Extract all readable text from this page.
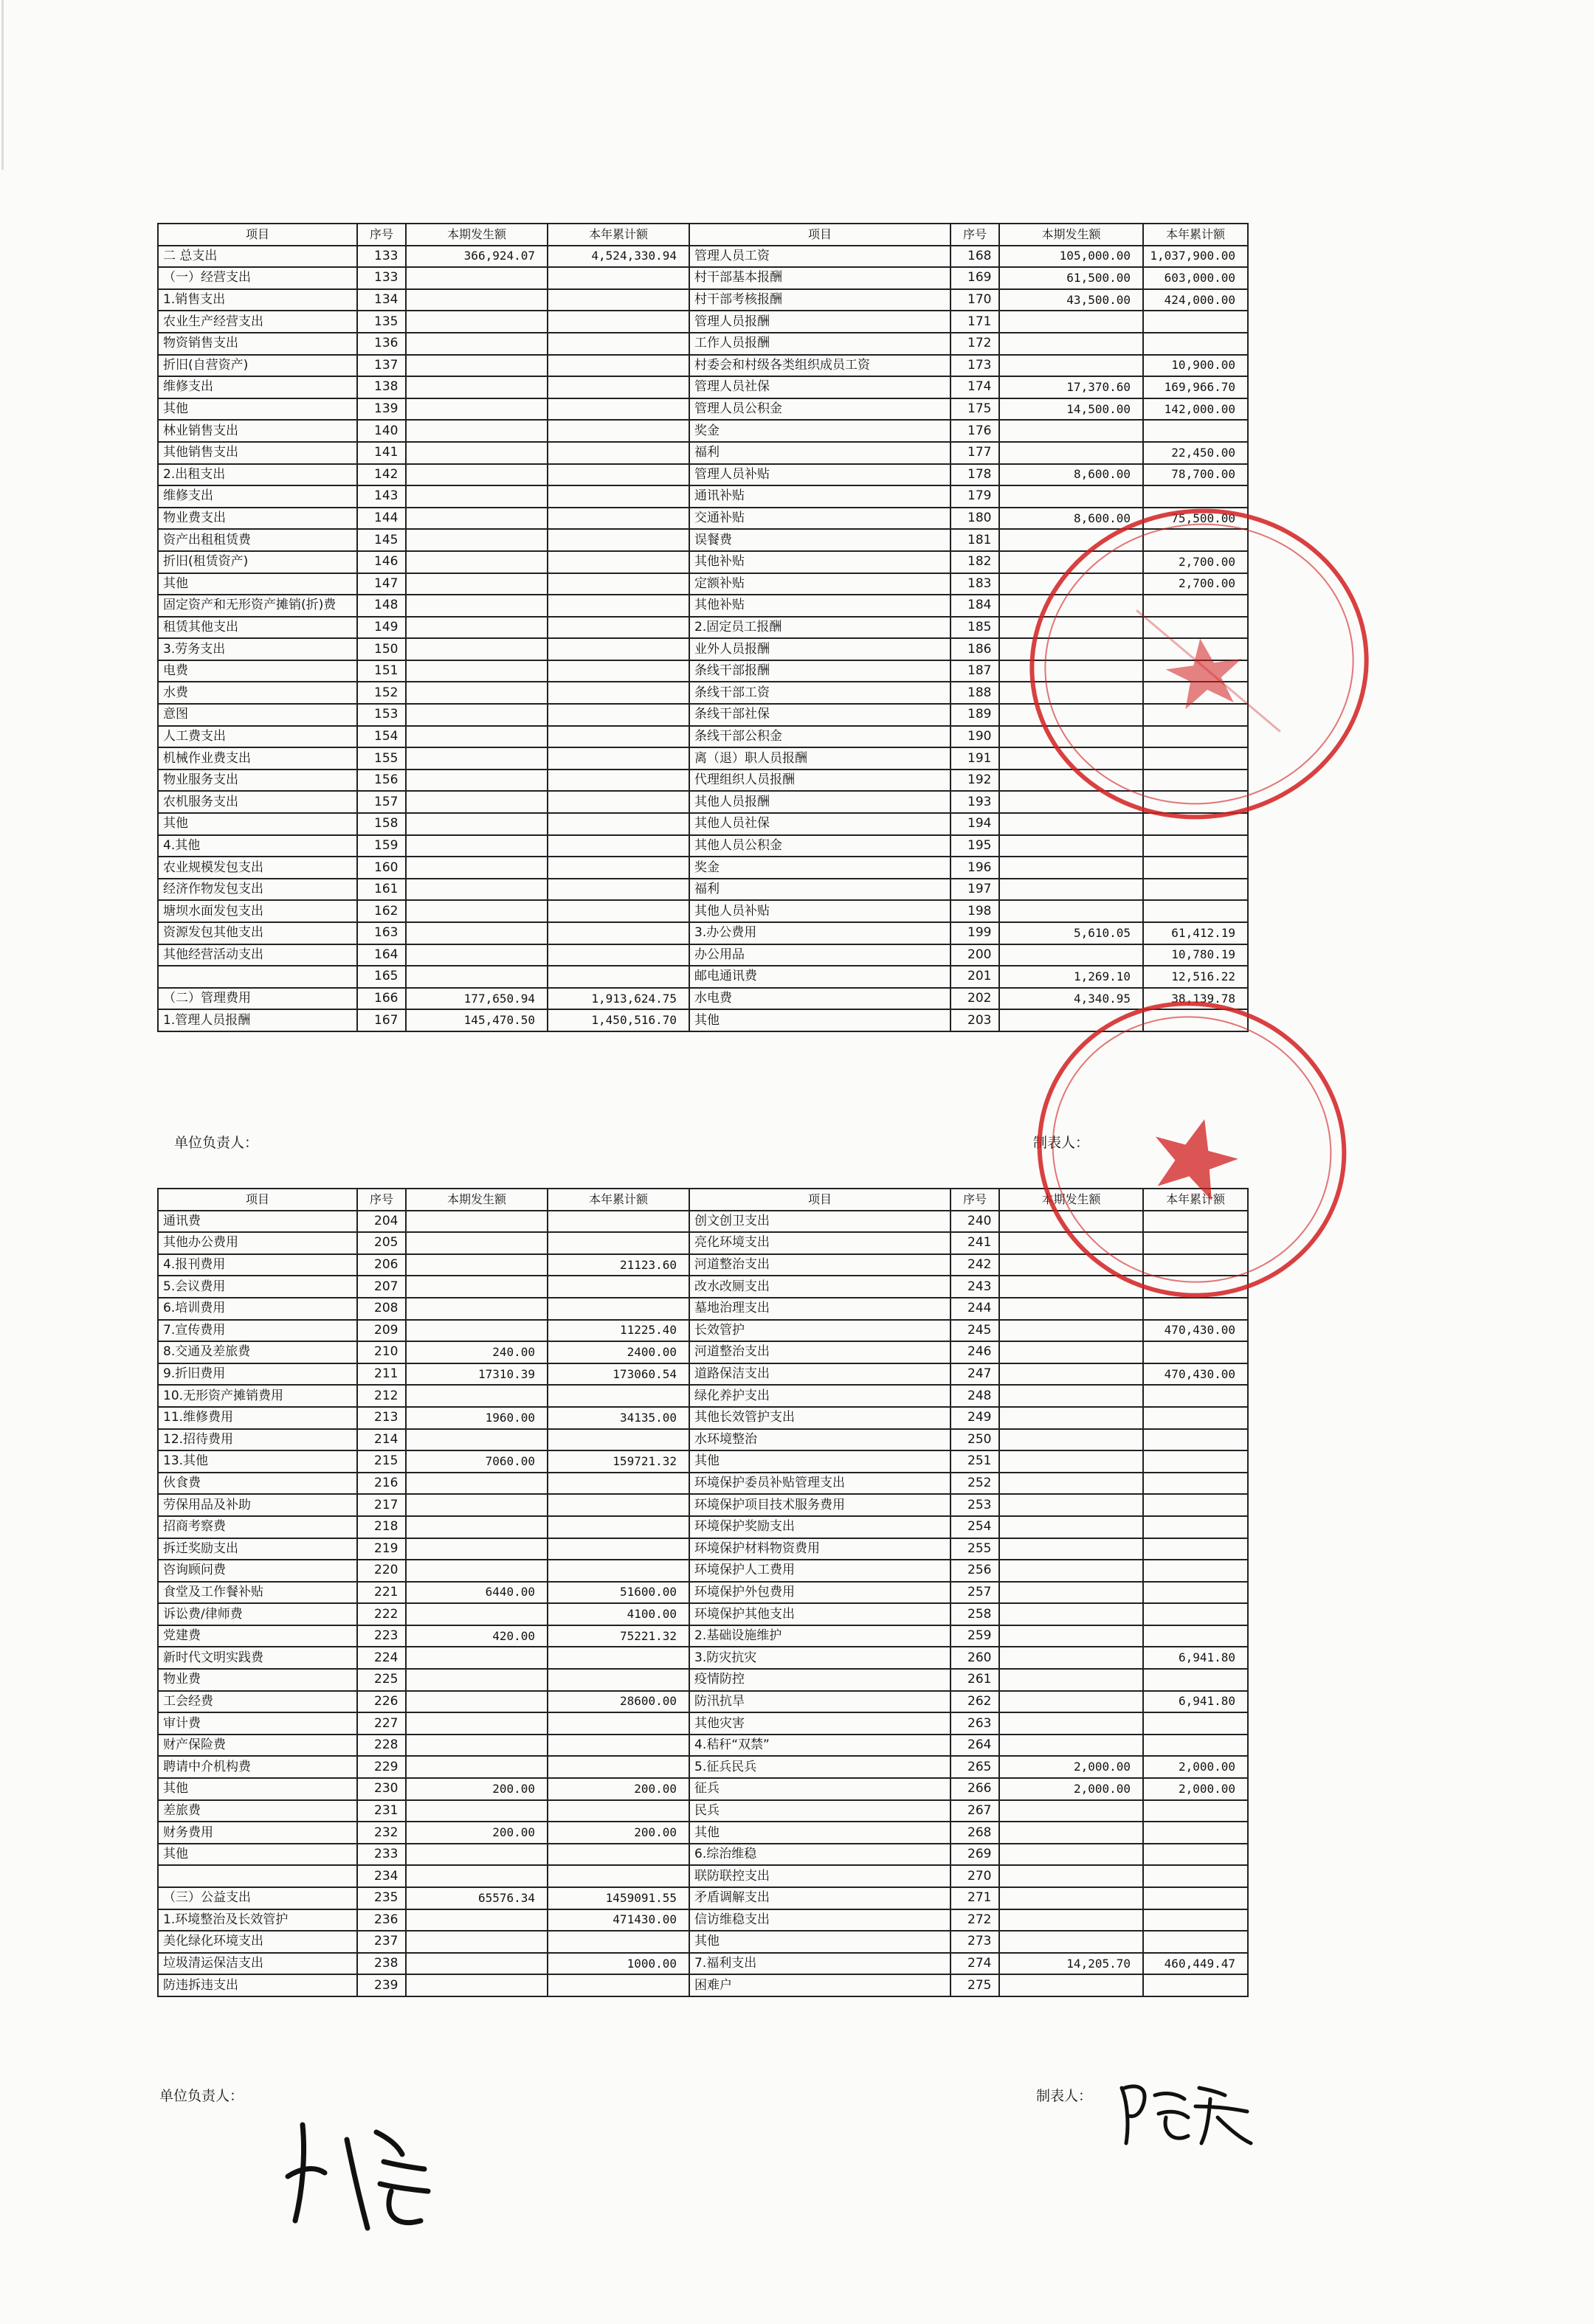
项目	序号	本期发生额	本年累计额	项目	序号	本期发生额	本年累计额
二 总支出	133	366,924.07	4,524,330.94	管理人员工资	168	105,000.00	1,037,900.00
（一）经营支出	133			村干部基本报酬	169	61,500.00	603,000.00
1.销售支出	134			村干部考核报酬	170	43,500.00	424,000.00
农业生产经营支出	135			管理人员报酬	171		
物资销售支出	136			工作人员报酬	172		
折旧(自营资产)	137			村委会和村级各类组织成员工资	173		10,900.00
维修支出	138			管理人员社保	174	17,370.60	169,966.70
其他	139			管理人员公积金	175	14,500.00	142,000.00
林业销售支出	140			奖金	176		
其他销售支出	141			福利	177		22,450.00
2.出租支出	142			管理人员补贴	178	8,600.00	78,700.00
维修支出	143			通讯补贴	179		
物业费支出	144			交通补贴	180	8,600.00	75,500.00
资产出租租赁费	145			误餐费	181		
折旧(租赁资产)	146			其他补贴	182		2,700.00
其他	147			定额补贴	183		2,700.00
固定资产和无形资产摊销(折)费	148			其他补贴	184		
租赁其他支出	149			2.固定员工报酬	185		
3.劳务支出	150			业外人员报酬	186		
电费	151			条线干部报酬	187		
水费	152			条线干部工资	188		
意图	153			条线干部社保	189		
人工费支出	154			条线干部公积金	190		
机械作业费支出	155			离（退）职人员报酬	191		
物业服务支出	156			代理组织人员报酬	192		
农机服务支出	157			其他人员报酬	193		
其他	158			其他人员社保	194		
4.其他	159			其他人员公积金	195		
农业规模发包支出	160			奖金	196		
经济作物发包支出	161			福利	197		
塘坝水面发包支出	162			其他人员补贴	198		
资源发包其他支出	163			3.办公费用	199	5,610.05	61,412.19
其他经营活动支出	164			办公用品	200		10,780.19
	165			邮电通讯费	201	1,269.10	12,516.22
（二）管理费用	166	177,650.94	1,913,624.75	水电费	202	4,340.95	38,139.78
1.管理人员报酬	167	145,470.50	1,450,516.70	其他	203		
单位负责人：	制表人：
项目	序号	本期发生额	本年累计额	项目	序号	本期发生额	本年累计额
通讯费	204			创文创卫支出	240		
其他办公费用	205			亮化环境支出	241		
4.报刊费用	206		21123.60	河道整治支出	242		
5.会议费用	207			改水改厕支出	243		
6.培训费用	208			墓地治理支出	244		
7.宣传费用	209		11225.40	长效管护	245		470,430.00
8.交通及差旅费	210	240.00	2400.00	河道整治支出	246		
9.折旧费用	211	17310.39	173060.54	道路保洁支出	247		470,430.00
10.无形资产摊销费用	212			绿化养护支出	248		
11.维修费用	213	1960.00	34135.00	其他长效管护支出	249		
12.招待费用	214			水环境整治	250		
13.其他	215	7060.00	159721.32	其他	251		
伙食费	216			环境保护委员补贴管理支出	252		
劳保用品及补助	217			环境保护项目技术服务费用	253		
招商考察费	218			环境保护奖励支出	254		
拆迁奖励支出	219			环境保护材料物资费用	255		
咨询顾问费	220			环境保护人工费用	256		
食堂及工作餐补贴	221	6440.00	51600.00	环境保护外包费用	257		
诉讼费/律师费	222		4100.00	环境保护其他支出	258		
党建费	223	420.00	75221.32	2.基础设施维护	259		
新时代文明实践费	224			3.防灾抗灾	260		6,941.80
物业费	225			疫情防控	261		
工会经费	226		28600.00	防汛抗旱	262		6,941.80
审计费	227			其他灾害	263		
财产保险费	228			4.秸秆“双禁”	264		
聘请中介机构费	229			5.征兵民兵	265	2,000.00	2,000.00
其他	230	200.00	200.00	征兵	266	2,000.00	2,000.00
差旅费	231			民兵	267		
财务费用	232	200.00	200.00	其他	268		
其他	233			6.综治维稳	269		
	234			联防联控支出	270		
（三）公益支出	235	65576.34	1459091.55	矛盾调解支出	271		
1.环境整治及长效管护	236		471430.00	信访维稳支出	272		
美化绿化环境支出	237			其他	273		
垃圾清运保洁支出	238		1000.00	7.福利支出	274	14,205.70	460,449.47
防违拆违支出	239			困难户	275		
单位负责人：	制表人：
